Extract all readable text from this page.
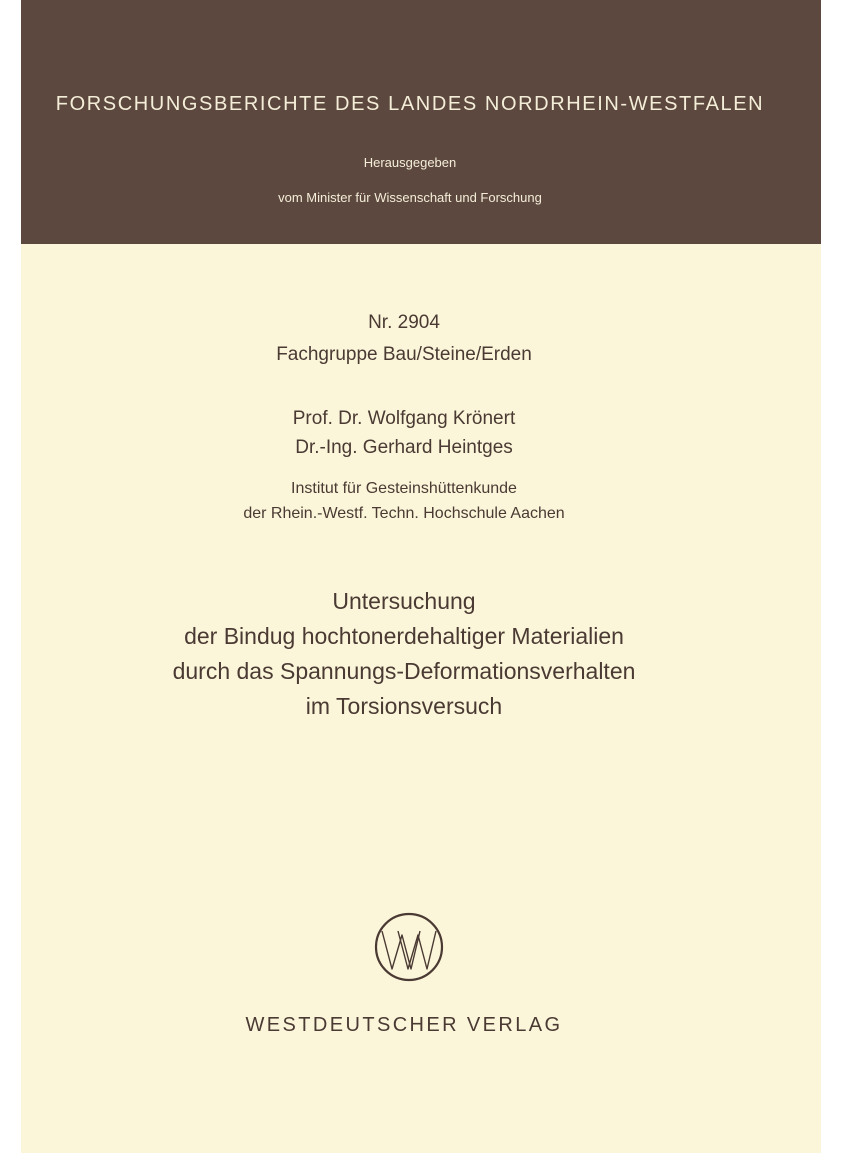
FORSCHUNGSBERICHTE DES LANDES NORDRHEIN-WESTFALEN
Herausgegeben
vom Minister für Wissenschaft und Forschung
Nr. 2904
Fachgruppe Bau/Steine/Erden
Prof. Dr. Wolfgang Krönert
Dr.-Ing. Gerhard Heintges
Institut für Gesteinshüttenkunde
der Rhein.-Westf. Techn. Hochschule Aachen
Untersuchung
der Bindug hochtonerdehaltiger Materialien
durch das Spannungs-Deformationsverhalten
im Torsionsversuch
WESTDEUTSCHER VERLAG
